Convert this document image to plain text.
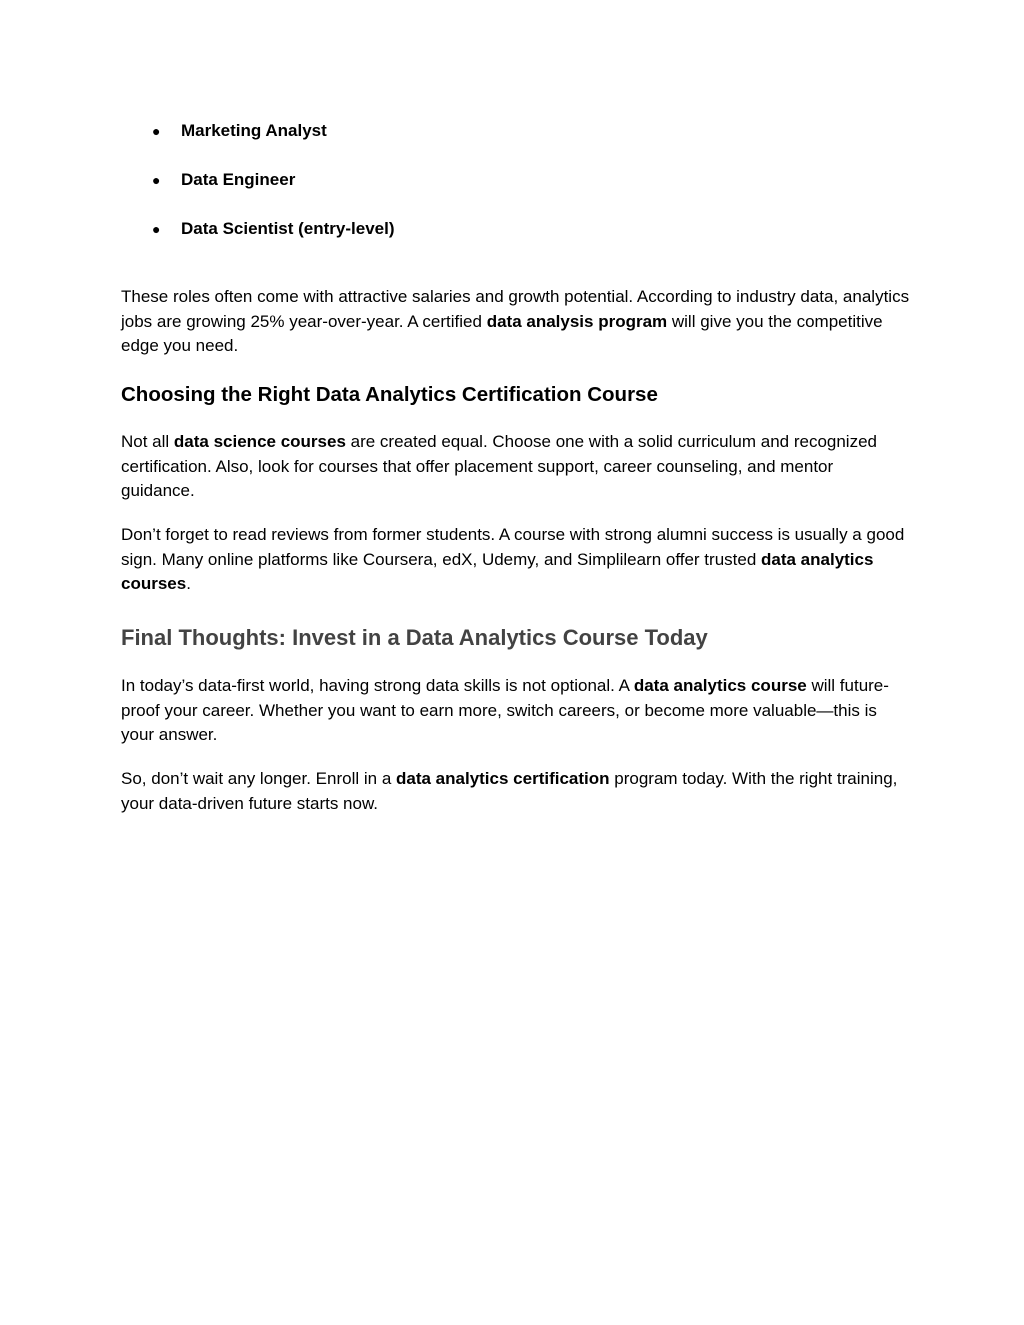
● Marketing Analyst
● Data Engineer
● Data Scientist (entry-level)

These roles often come with attractive salaries and growth potential. According to industry data, analytics jobs are growing 25% year-over-year. A certified data analysis program will give you the competitive edge you need.

Choosing the Right Data Analytics Certification Course

Not all data science courses are created equal. Choose one with a solid curriculum and recognized certification. Also, look for courses that offer placement support, career counseling, and mentor guidance.

Don’t forget to read reviews from former students. A course with strong alumni success is usually a good sign. Many online platforms like Coursera, edX, Udemy, and Simplilearn offer trusted data analytics courses.

Final Thoughts: Invest in a Data Analytics Course Today

In today’s data-first world, having strong data skills is not optional. A data analytics course will future-proof your career. Whether you want to earn more, switch careers, or become more valuable—this is your answer.

So, don’t wait any longer. Enroll in a data analytics certification program today. With the right training, your data-driven future starts now.
